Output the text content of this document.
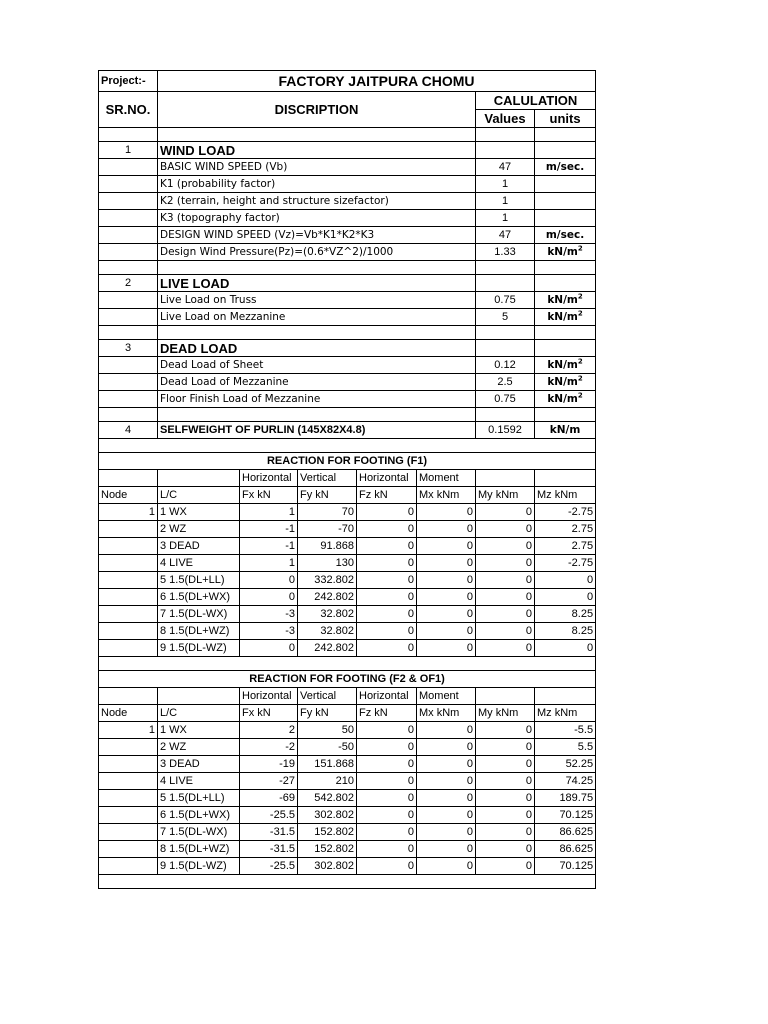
Project:-	FACTORY JAITPURA CHOMU						
SR.NO.	DISCRIPTION					CALULATION	
						Values	units

1	WIND LOAD						
	BASIC WIND SPEED (Vb)					47	m/sec.
	K1 (probability factor)					1	
	K2 (terrain, height and structure sizefactor)					1	
	K3 (topography factor)					1	
	DESIGN WIND SPEED (Vz)=Vb*K1*K2*K3					47	m/sec.
	Design Wind Pressure(Pz)=(0.6*VZ^2)/1000					1.33	$kN/m^2$

2	LIVE LOAD						
	Live Load on Truss					0.75	$kN/m^2$
	Live Load on Mezzanine					5	$kN/m^2$

3	DEAD LOAD						
	Dead Load of Sheet					0.12	$kN/m^2$
	Dead Load of Mezzanine					2.5	$kN/m^2$
	Floor Finish Load of Mezzanine					0.75	$kN/m^2$

4	SELFWEIGHT OF PURLIN (145X82X4.8)					0.1592	kN/m

REACTION FOR FOOTING (F1)							
		Horizontal	Vertical	Horizontal	Moment		
Node	L/C	Fx kN	Fy kN	Fz kN	Mx kNm	My kNm	Mz kNm
1	1 WX	1	70	0	0	0	-2.75
	2 WZ	-1	-70	0	0	0	2.75
	3 DEAD	-1	91.868	0	0	0	2.75
	4 LIVE	1	130	0	0	0	-2.75
	5 1.5(DL+LL)	0	332.802	0	0	0	0
	6 1.5(DL+WX)	0	242.802	0	0	0	0
	7 1.5(DL-WX)	-3	32.802	0	0	0	8.25
	8 1.5(DL+WZ)	-3	32.802	0	0	0	8.25
	9 1.5(DL-WZ)	0	242.802	0	0	0	0

REACTION FOR FOOTING (F2 & OF1)							
		Horizontal	Vertical	Horizontal	Moment		
Node	L/C	Fx kN	Fy kN	Fz kN	Mx kNm	My kNm	Mz kNm
1	1 WX	2	50	0	0	0	-5.5
	2 WZ	-2	-50	0	0	0	5.5
	3 DEAD	-19	151.868	0	0	0	52.25
	4 LIVE	-27	210	0	0	0	74.25
	5 1.5(DL+LL)	-69	542.802	0	0	0	189.75
	6 1.5(DL+WX)	-25.5	302.802	0	0	0	70.125
	7 1.5(DL-WX)	-31.5	152.802	0	0	0	86.625
	8 1.5(DL+WZ)	-31.5	152.802	0	0	0	86.625
	9 1.5(DL-WZ)	-25.5	302.802	0	0	0	70.125
